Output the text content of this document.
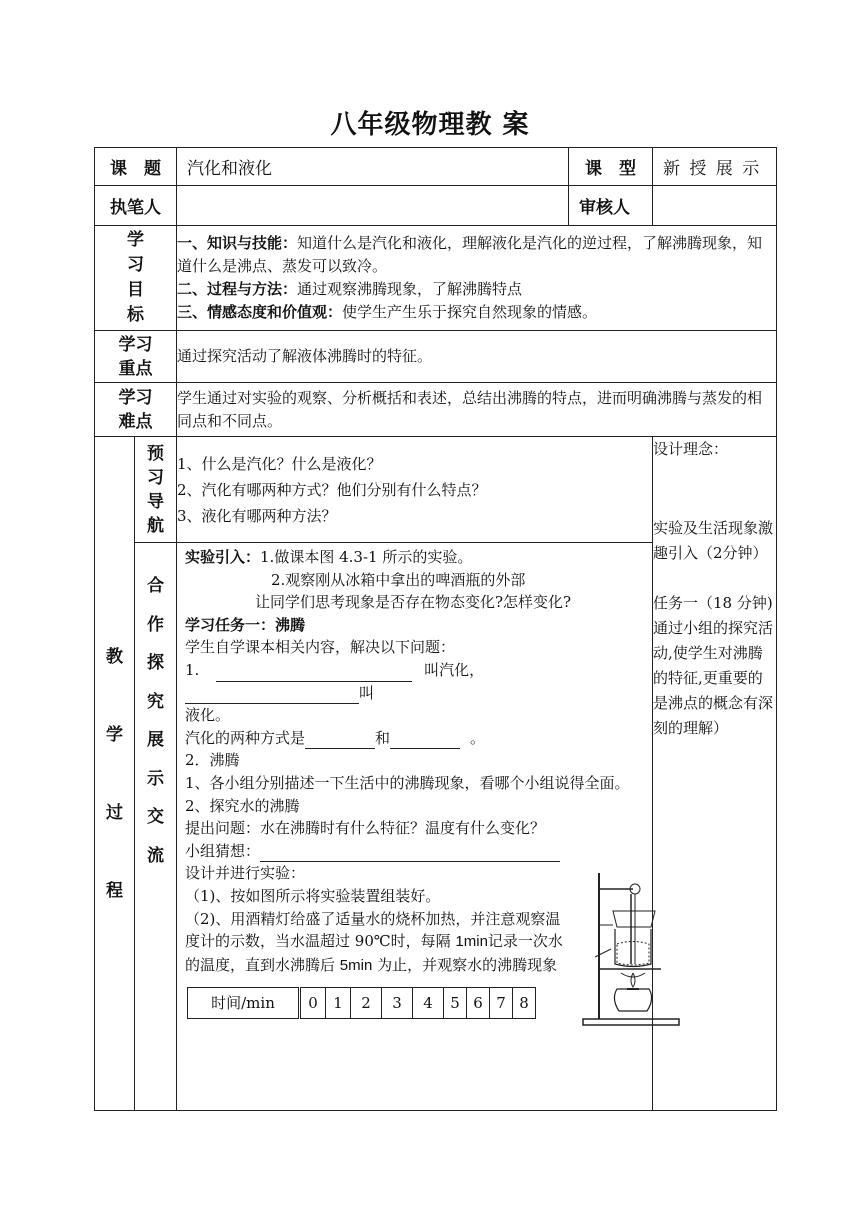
八年级物理教 案
课　题	汽化和液化	课　型	新 授 展 示
执笔人		审核人	

学
习
目
标

一、知识与技能：知道什么是汽化和液化，理解液化是汽化的逆过程，了解沸腾现象，知道什么是沸点、蒸发可以致冷。
二、过程与方法：通过观察沸腾现象，了解沸腾特点
三、情感态度和价值观：使学生产生乐于探究自然现象的情感。

学习
重点
	通过探究活动了解液体沸腾时的特征。

学习
难点
	学生通过对实验的观察、分析概括和表述，总结出沸腾的特点，进而明确沸腾与蒸发的相同点和不同点。

教
学
过
程

预
习
导
航

1、什么是汽化？什么是液化？
2、汽化有哪两种方式？他们分别有什么特点？
3、液化有哪两种方法？

设计理念：
实验及生活现象激趣引入（2分钟）
任务一（18 分钟)通过小组的探究活动,使学生对沸腾的特征,更重要的是沸点的概念有深刻的理解）

合
作
探
究
展
示
交
流

实验引入：1.做课本图 4.3-1 所示的实验。
2.观察刚从冰箱中拿出的啤酒瓶的外部
让同学们思考现象是否存在物态变化?怎样变化?
学习任务一：沸腾
学生自学课本相关内容，解决以下问题：
1.	叫汽化，叫
液化。
汽化的两种方式是	和	。
2．沸腾
1、各小组分别描述一下生活中的沸腾现象，看哪个小组说得全面。
2、探究水的沸腾
提出问题：水在沸腾时有什么特征？温度有什么变化？
小组猜想：
设计并进行实验：
（1)、按如图所示将实验装置组装好。
（2)、用酒精灯给盛了适量水的烧杯加热，并注意观察温度计的示数，当水温超过 90℃时，每隔 1min记录一次水的温度，直到水沸腾后 5min 为止，并观察水的沸腾现象
时间/min	0	1	2	3	4	5	6	7	8
